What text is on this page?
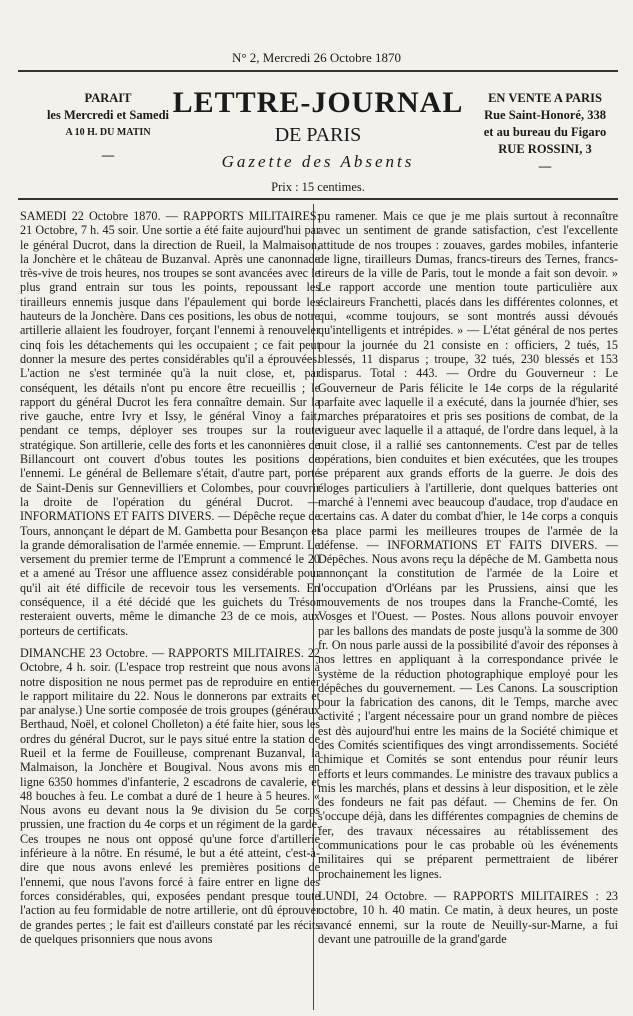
N° 2, Mercredi 26 Octobre 1870
PARAIT
les Mercredi et Samedi
A 10 H. DU MATIN
—
LETTRE-JOURNAL
DE PARIS
Gazette des Absents
Prix : 15 centimes.
EN VENTE A PARIS
Rue Saint-Honoré, 338
et au bureau du Figaro
RUE ROSSINI, 3
—

SAMEDI 22 Octobre 1870. — RAPPORTS MILITAIRES: 21 Octobre, 7 h. 45 soir. Une sortie a été faite aujourd'hui par le général Ducrot, dans la direction de Rueil, la Malmaison, la Jonchère et le château de Buzanval. Après une canonnade très-vive de trois heures, nos troupes se sont avancées avec le plus grand entrain sur tous les points, repoussant les tirailleurs ennemis jusque dans l'épaulement qui borde les hauteurs de la Jonchère. Dans ces positions, les obus de notre artillerie allaient les foudroyer, forçant l'ennemi à renouveler cinq fois les détachements qui les occupaient ; ce fait peut donner la mesure des pertes considérables qu'il a éprouvées. L'action ne s'est terminée qu'à la nuit close, et, par conséquent, les détails n'ont pu encore être recueillis ; le rapport du général Ducrot les fera connaître demain. Sur la rive gauche, entre Ivry et Issy, le général Vinoy a fait, pendant ce temps, déployer ses troupes sur la route stratégique. Son artillerie, celle des forts et les canonnières de Billancourt ont couvert d'obus toutes les positions de l'ennemi. Le général de Bellemare s'était, d'autre part, porté de Saint-Denis sur Gennevilliers et Colombes, pour couvrir la droite de l'opération du général Ducrot. — INFORMATIONS ET FAITS DIVERS. — Dépêche reçue de Tours, annonçant le départ de M. Gambetta pour Besançon et la grande démoralisation de l'armée ennemie. — Emprunt. Le versement du premier terme de l'Emprunt a commencé le 20 et a amené au Trésor une affluence assez considérable pour qu'il ait été difficile de recevoir tous les versements. En conséquence, il a été décidé que les guichets du Trésor resteraient ouverts, même le dimanche 23 de ce mois, aux porteurs de certificats.

DIMANCHE 23 Octobre. — RAPPORTS MILITAIRES. 22 Octobre, 4 h. soir. (L'espace trop restreint que nous avons à notre disposition ne nous permet pas de reproduire en entier le rapport militaire du 22. Nous le donnerons par extraits et par analyse.) Une sortie composée de trois groupes (généraux Berthaud, Noël, et colonel Cholleton) a été faite hier, sous les ordres du général Ducrot, sur le pays situé entre la station de Rueil et la ferme de Fouilleuse, comprenant Buzanval, la Malmaison, la Jonchère et Bougival. Nous avons mis en ligne 6350 hommes d'infanterie, 2 escadrons de cavalerie, et 48 bouches à feu. Le combat a duré de 1 heure à 5 heures. « Nous avons eu devant nous la 9e division du 5e corps prussien, une fraction du 4e corps et un régiment de la garde. Ces troupes ne nous ont opposé qu'une force d'artillerie inférieure à la nôtre. En résumé, le but a été atteint, c'est-à-dire que nous avons enlevé les premières positions de l'ennemi, que nous l'avons forcé à faire entrer en ligne des forces considérables, qui, exposées pendant presque toute l'action au feu formidable de notre artillerie, ont dû éprouver de grandes pertes ; le fait est d'ailleurs constaté par les récits de quelques prisonniers que nous avons

pu ramener. Mais ce que je me plais surtout à reconnaître avec un sentiment de grande satisfaction, c'est l'excellente attitude de nos troupes : zouaves, gardes mobiles, infanterie de ligne, tirailleurs Dumas, francs-tireurs des Ternes, francs-tireurs de la ville de Paris, tout le monde a fait son devoir. » Le rapport accorde une mention toute particulière aux éclaireurs Franchetti, placés dans les différentes colonnes, et qui, «comme toujours, se sont montrés aussi dévoués qu'intelligents et intrépides. » — L'état général de nos pertes pour la journée du 21 consiste en : officiers, 2 tués, 15 blessés, 11 disparus ; troupe, 32 tués, 230 blessés et 153 disparus. Total : 443. — Ordre du Gouverneur : Le Gouverneur de Paris félicite le 14e corps de la régularité parfaite avec laquelle il a exécuté, dans la journée d'hier, ses marches préparatoires et pris ses positions de combat, de la vigueur avec laquelle il a attaqué, de l'ordre dans lequel, à la nuit close, il a rallié ses cantonnements. C'est par de telles opérations, bien conduites et bien exécutées, que les troupes se préparent aux grands efforts de la guerre. Je dois des éloges particuliers à l'artillerie, dont quelques batteries ont marché à l'ennemi avec beaucoup d'audace, trop d'audace en certains cas. A dater du combat d'hier, le 14e corps a conquis sa place parmi les meilleures troupes de l'armée de la défense. — INFORMATIONS ET FAITS DIVERS. — Dépêches. Nous avons reçu la dépêche de M. Gambetta nous annonçant la constitution de l'armée de la Loire et l'occupation d'Orléans par les Prussiens, ainsi que les mouvements de nos troupes dans la Franche-Comté, les Vosges et l'Ouest. — Postes. Nous allons pouvoir envoyer par les ballons des mandats de poste jusqu'à la somme de 300 fr. On nous parle aussi de la possibilité d'avoir des réponses à nos lettres en appliquant à la correspondance privée le système de la réduction photographique employé pour les dépêches du gouvernement. — Les Canons. La souscription pour la fabrication des canons, dit le Temps, marche avec activité ; l'argent nécessaire pour un grand nombre de pièces est dès aujourd'hui entre les mains de la Société chimique et des Comités scientifiques des vingt arrondissements. Société chimique et Comités se sont entendus pour réunir leurs efforts et leurs commandes. Le ministre des travaux publics a mis les marchés, plans et dessins à leur disposition, et le zèle des fondeurs ne fait pas défaut. — Chemins de fer. On s'occupe déjà, dans les différentes compagnies de chemins de fer, des travaux nécessaires au rétablissement des communications pour le cas probable où les événements militaires qui se préparent permettraient de libérer prochainement les lignes.

LUNDI, 24 Octobre. — RAPPORTS MILITAIRES : 23 octobre, 10 h. 40 matin. Ce matin, à deux heures, un poste avancé ennemi, sur la route de Neuilly-sur-Marne, a fui devant une patrouille de la grand'garde
